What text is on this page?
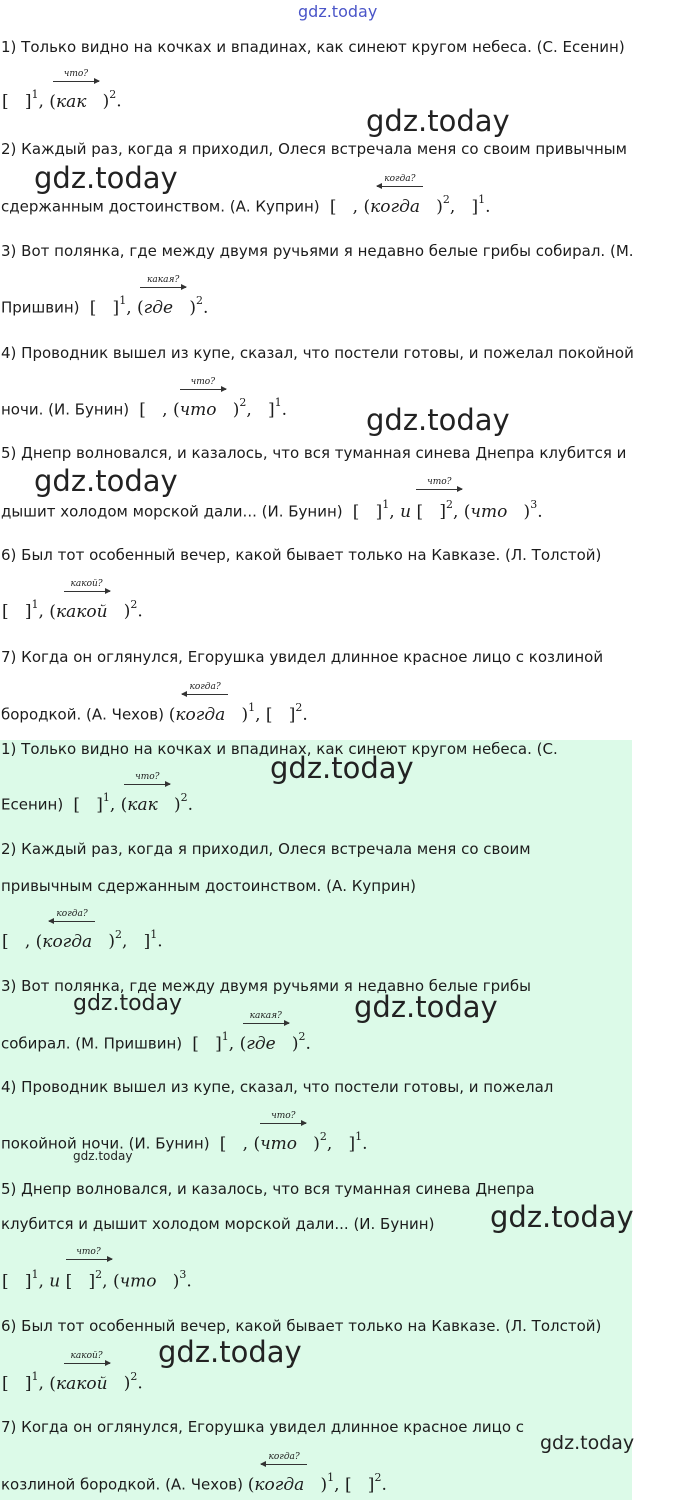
gdz.today
gdz.today
gdz.today
gdz.today
gdz.today
gdz.today
gdz.today	gdz.today
gdz.today
gdz.today
gdz.today
gdz.today
1) Только видно на кочках и впадинах, как синеют кругом небеса. (С. Есенин)
[   ]$^1$, (как
что?
)$^2$.
2) Каждый раз, когда я приходил, Олеся встречала меня со своим привычным
сдержанным достоинством. (А. Куприн)  [   , (когда
когда?
)$^2$,   ]$^1$.
3) Вот полянка, где между двумя ручьями я недавно белые грибы собирал. (М.
Пришвин)  [   ]$^1$, (где
какая?
)$^2$.
4) Проводник вышел из купе, сказал, что постели готовы, и пожелал покойной
ночи. (И. Бунин)  [   , (что
что?
)$^2$,   ]$^1$.
5) Днепр волновался, и казалось, что вся туманная синева Днепра клубится и
дышит холодом морской дали... (И. Бунин)  [   ]$^1$, и [   ]$^2$
что?
, (что   )$^3$.
6) Был тот особенный вечер, какой бывает только на Кавказе. (Л. Толстой)
[   ]$^1$, (какой
какой?
)$^2$.
7) Когда он оглянулся, Егорушка увидел длинное красное лицо с козлиной
бородкой. (А. Чехов) (когда
когда?
)$^1$, [   ]$^2$.
1) Только видно на кочках и впадинах, как синеют кругом небеса. (С.
Есенин)  [   ]$^1$, (как
что?
)$^2$.
2) Каждый раз, когда я приходил, Олеся встречала меня со своим
привычным сдержанным достоинством. (А. Куприн)
[   , (когда
когда?
)$^2$,   ]$^1$.
3) Вот полянка, где между двумя ручьями я недавно белые грибы
собирал. (М. Пришвин)  [   ]$^1$, (где
какая?
)$^2$.
4) Проводник вышел из купе, сказал, что постели готовы, и пожелал
покойной ночи. (И. Бунин)  [   , (что
что?
)$^2$,   ]$^1$.
5) Днепр волновался, и казалось, что вся туманная синева Днепра
клубится и дышит холодом морской дали... (И. Бунин)
[   ]$^1$, и [   ]$^2$
что?
, (что   )$^3$.
6) Был тот особенный вечер, какой бывает только на Кавказе. (Л. Толстой)
[   ]$^1$, (какой
какой?
)$^2$.
7) Когда он оглянулся, Егорушка увидел длинное красное лицо с
козлиной бородкой. (А. Чехов) (когда
когда?
)$^1$, [   ]$^2$.
